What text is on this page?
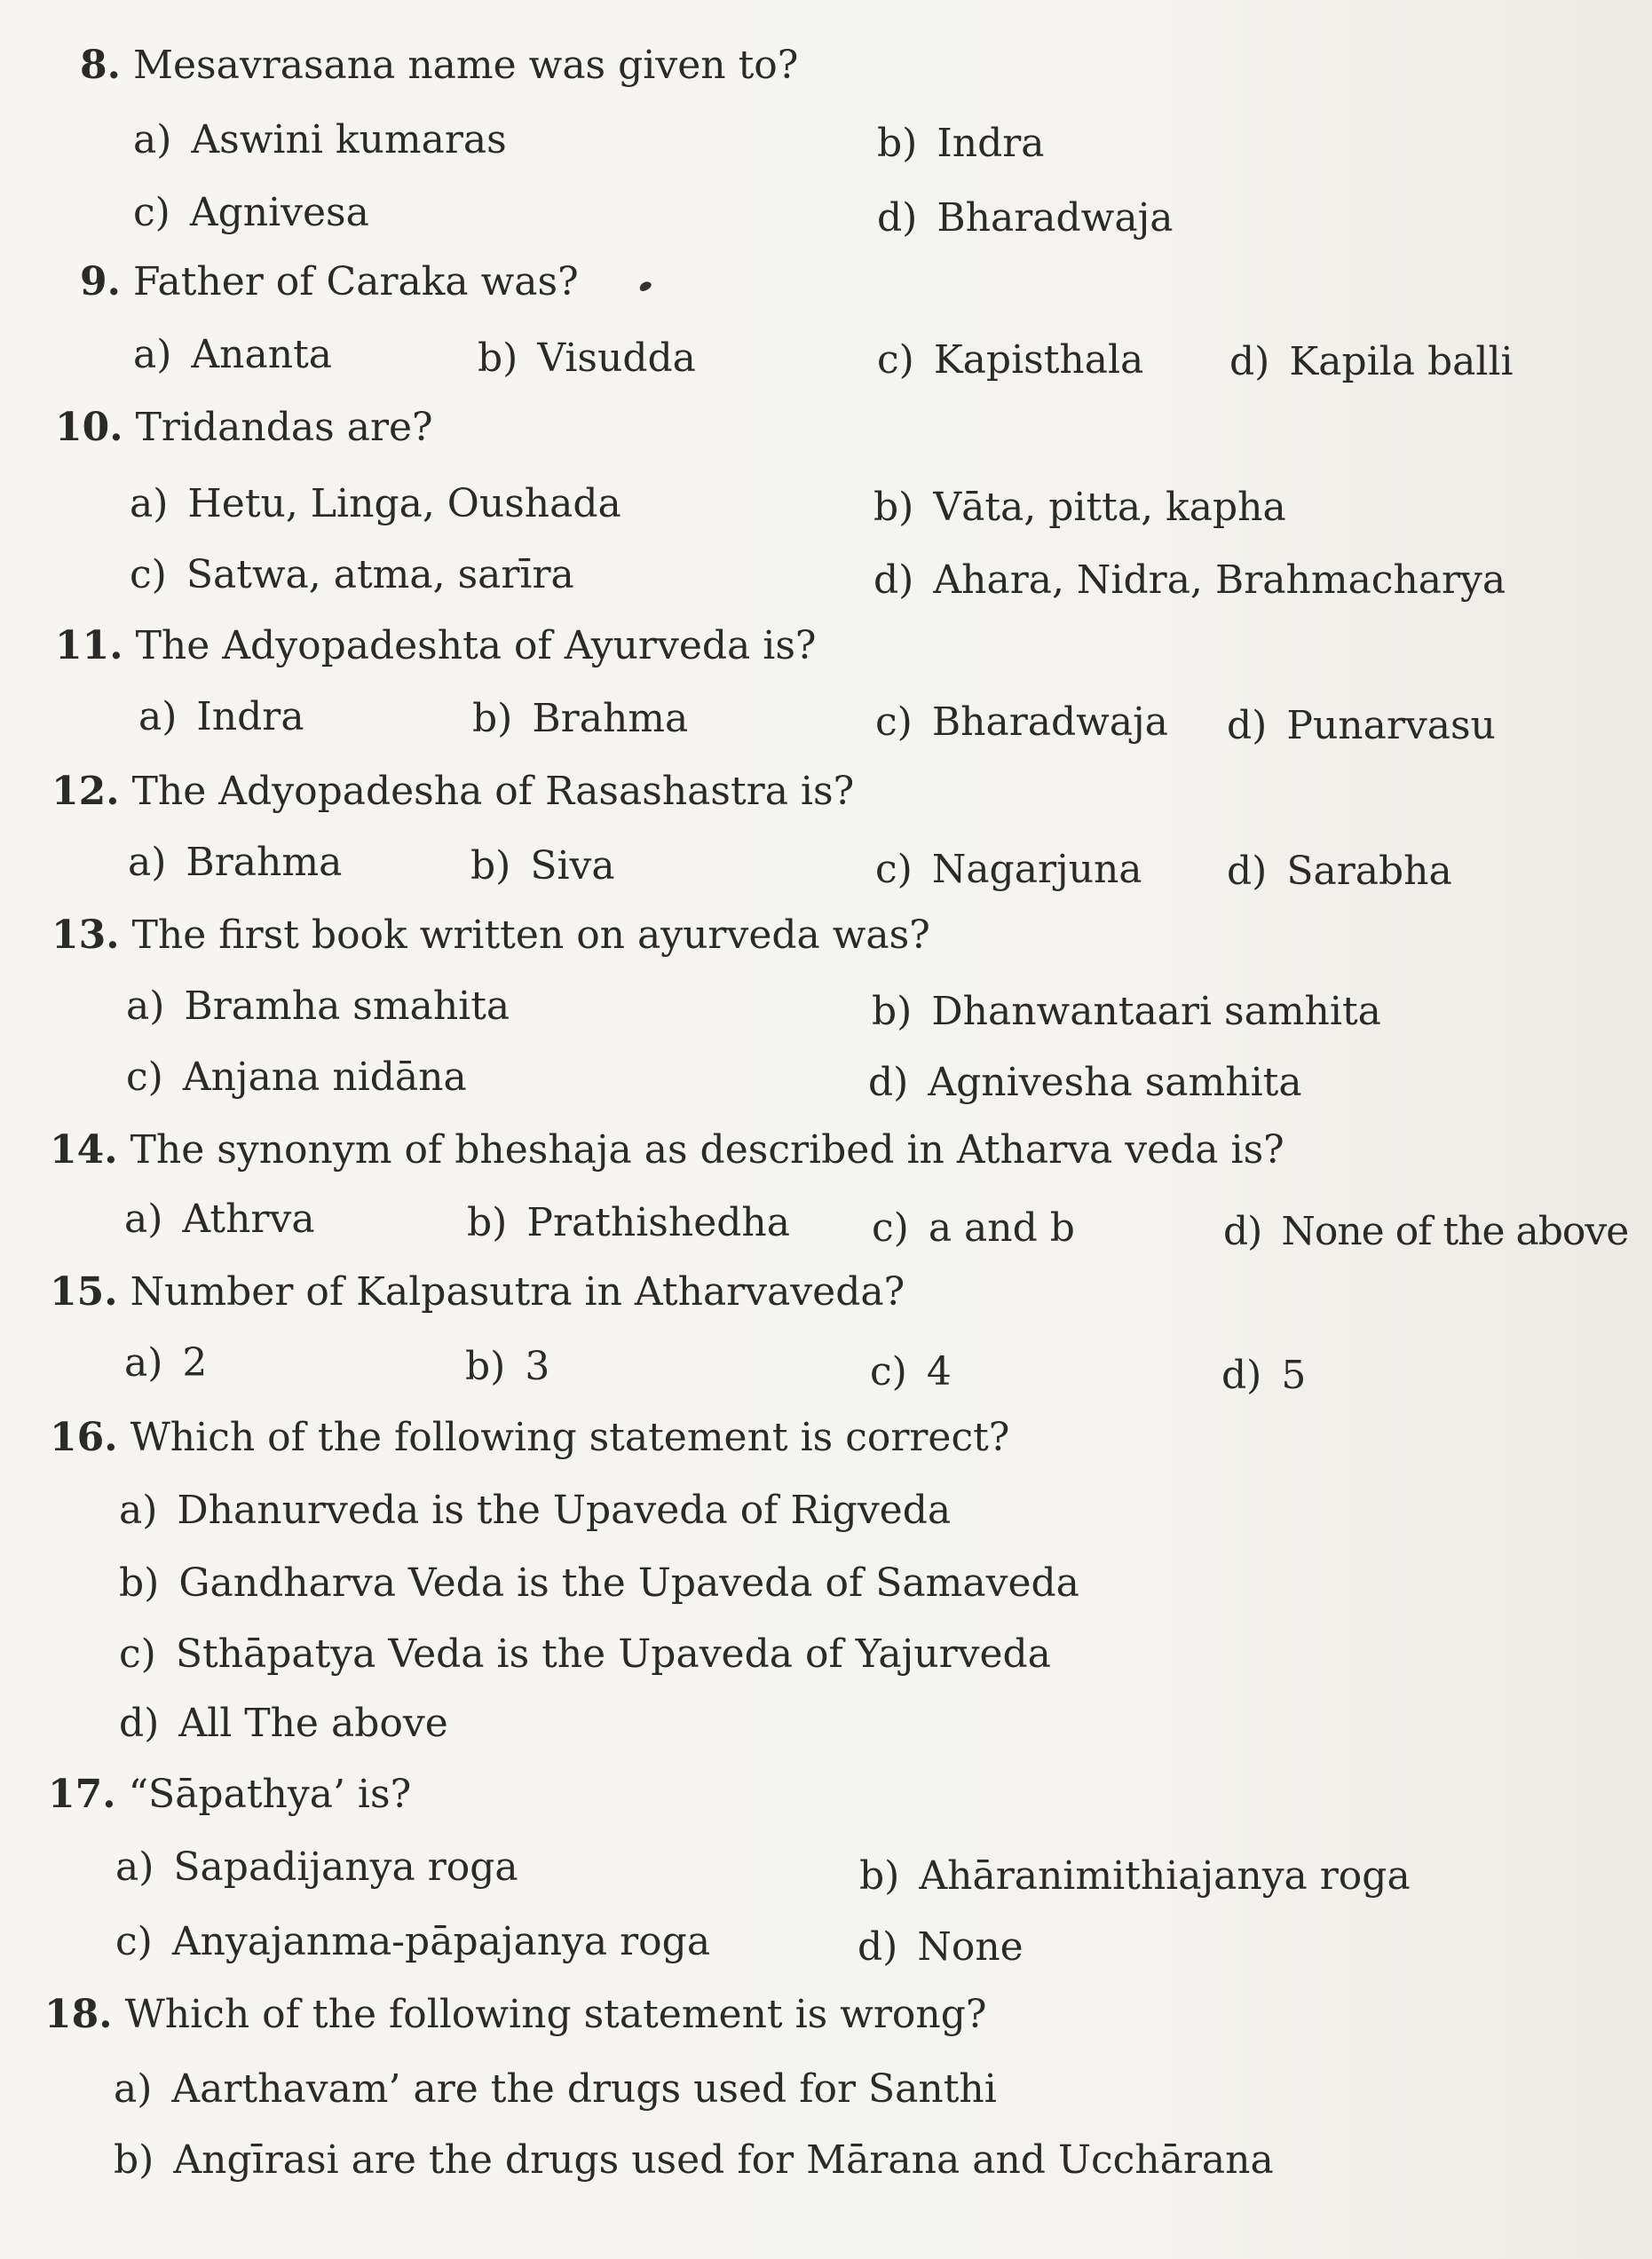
8. Mesavrasana name was given to?
a) Aswini kumaras	b) Indra
c) Agnivesa	d) Bharadwaja
9. Father of Caraka was?
a) Ananta	b) Visudda	c) Kapisthala d) Kapila balli
10. Tridandas are?
a) Hetu, Linga, Oushada	b) Vāta, pitta, kapha
c) Satwa, atma, sarīra	d) Ahara, Nidra, Brahmacharya
11. The Adyopadeshta of Ayurveda is?
a) Indra	b) Brahma	c) Bharadwaja d) Punarvasu
12. The Adyopadesha of Rasashastra is?
a) Brahma	b) Siva	c) Nagarjuna d) Sarabha
13. The first book written on ayurveda was?
a) Bramha smahita	b) Dhanwantaari samhita
c) Anjana nidāna	d) Agnivesha samhita
14. The synonym of bheshaja as described in Atharva veda is?
a) Athrva	b) Prathishedha c) a and b	d) None of the above
15. Number of Kalpasutra in Atharvaveda?
a) 2	b) 3	c) 4	d) 5
16. Which of the following statement is correct?
a) Dhanurveda is the Upaveda of Rigveda
b) Gandharva Veda is the Upaveda of Samaveda
c) Sthāpatya Veda is the Upaveda of Yajurveda
d) All The above
17. “Sāpathya’ is?
a) Sapadijanya roga	b) Ahāranimithiajanya roga
c) Anyajanma-pāpajanya roga	d) None
18. Which of the following statement is wrong?
a) Aarthavam’ are the drugs used for Santhi
b) Angīrasi are the drugs used for Mārana and Ucchārana
